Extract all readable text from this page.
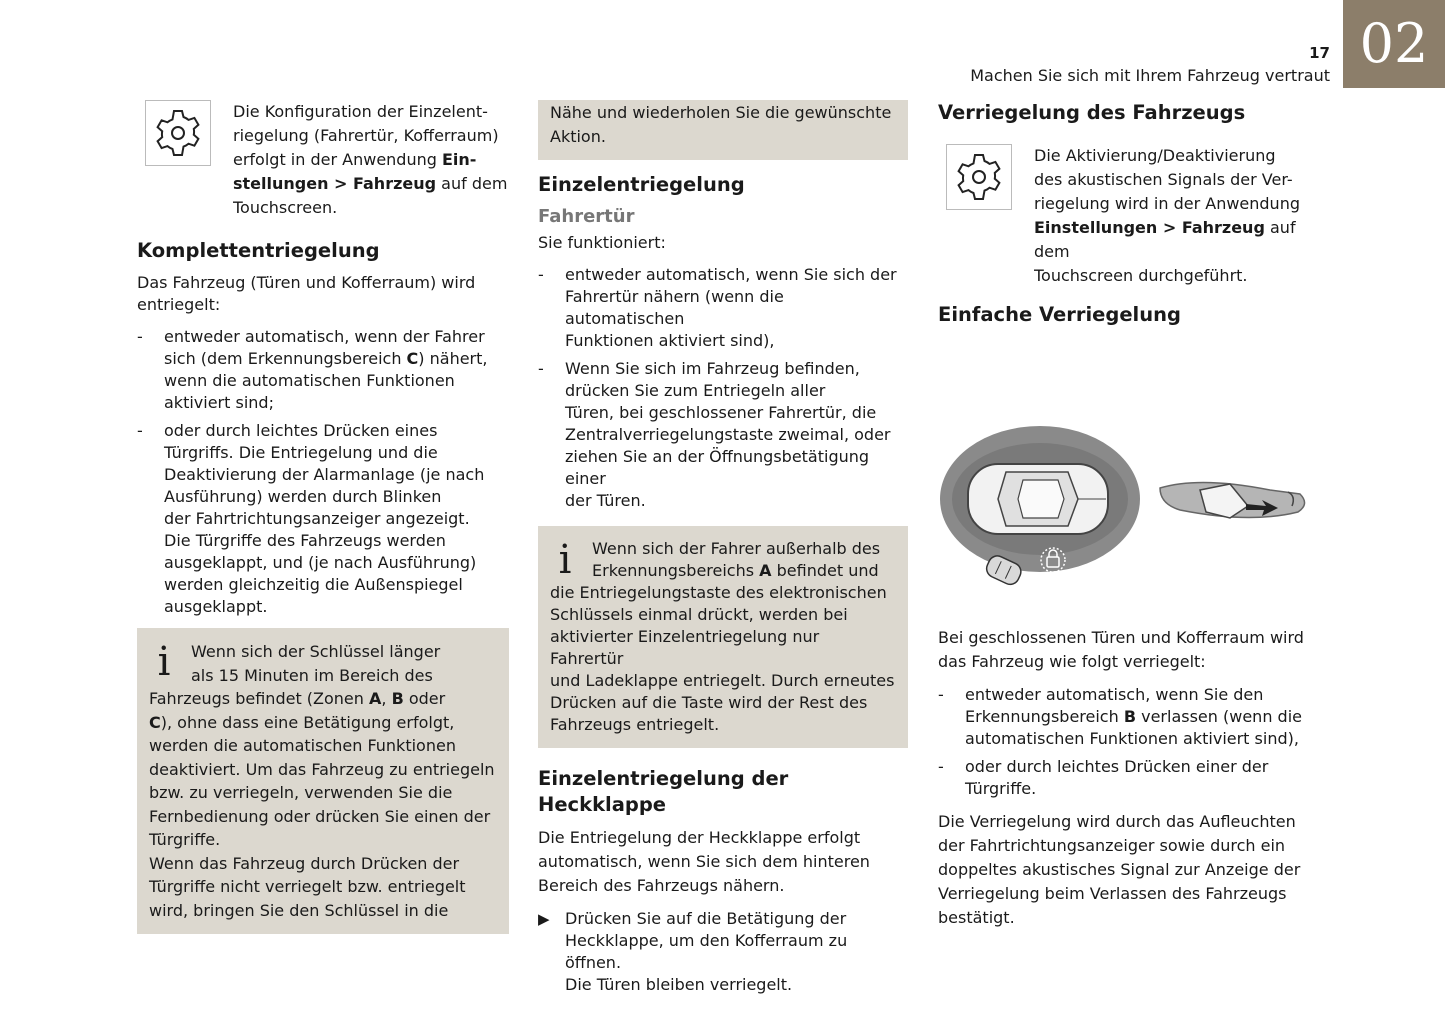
17
Machen Sie sich mit Ihrem Fahrzeug vertraut
02
Die Konfiguration der Einzelent-
riegelung (Fahrertür, Kofferraum)
erfolgt in der Anwendung Ein-
stellungen > Fahrzeug auf dem
Touchscreen.
Komplettentriegelung
Das Fahrzeug (Türen und Kofferraum) wird
entriegelt:
- entweder automatisch, wenn der Fahrer
sich (dem Erkennungsbereich C) nähert,
wenn die automatischen Funktionen
aktiviert sind;
- oder durch leichtes Drücken eines
Türgriffs. Die Entriegelung und die
Deaktivierung der Alarmanlage (je nach
Ausführung) werden durch Blinken
der Fahrtrichtungsanzeiger angezeigt.
Die Türgriffe des Fahrzeugs werden
ausgeklappt, und (je nach Ausführung)
werden gleichzeitig die Außenspiegel
ausgeklappt.
i	Wenn sich der Schlüssel länger
als 15 Minuten im Bereich des
Fahrzeugs befindet (Zonen A, B oder
C), ohne dass eine Betätigung erfolgt,
werden die automatischen Funktionen
deaktiviert. Um das Fahrzeug zu entriegeln
bzw. zu verriegeln, verwenden Sie die
Fernbedienung oder drücken Sie einen der
Türgriffe.
Wenn das Fahrzeug durch Drücken der
Türgriffe nicht verriegelt bzw. entriegelt
wird, bringen Sie den Schlüssel in die
Nähe und wiederholen Sie die gewünschte
Aktion.
Einzelentriegelung
Fahrertür
Sie funktioniert:
- entweder automatisch, wenn Sie sich der
Fahrertür nähern (wenn die automatischen
Funktionen aktiviert sind),
- Wenn Sie sich im Fahrzeug befinden,
drücken Sie zum Entriegeln aller
Türen, bei geschlossener Fahrertür, die
Zentralverriegelungstaste zweimal, oder
ziehen Sie an der Öffnungsbetätigung einer
der Türen.
i	Wenn sich der Fahrer außerhalb des
Erkennungsbereichs A befindet und
die Entriegelungstaste des elektronischen
Schlüssels einmal drückt, werden bei
aktivierter Einzelentriegelung nur Fahrertür
und Ladeklappe entriegelt. Durch erneutes
Drücken auf die Taste wird der Rest des
Fahrzeugs entriegelt.
Einzelentriegelung der Heckklappe
Die Entriegelung der Heckklappe erfolgt
automatisch, wenn Sie sich dem hinteren
Bereich des Fahrzeugs nähern.
▶ Drücken Sie auf die Betätigung der
Heckklappe, um den Kofferraum zu öffnen.
Die Türen bleiben verriegelt.
Verriegelung des Fahrzeugs
Die Aktivierung/Deaktivierung
des akustischen Signals der Ver-
riegelung wird in der Anwendung
Einstellungen > Fahrzeug auf dem
Touchscreen durchgeführt.
Einfache Verriegelung
Bei geschlossenen Türen und Kofferraum wird
das Fahrzeug wie folgt verriegelt:
- entweder automatisch, wenn Sie den
Erkennungsbereich B verlassen (wenn die
automatischen Funktionen aktiviert sind),
- oder durch leichtes Drücken einer der
Türgriffe.
Die Verriegelung wird durch das Aufleuchten
der Fahrtrichtungsanzeiger sowie durch ein
doppeltes akustisches Signal zur Anzeige der
Verriegelung beim Verlassen des Fahrzeugs
bestätigt.
